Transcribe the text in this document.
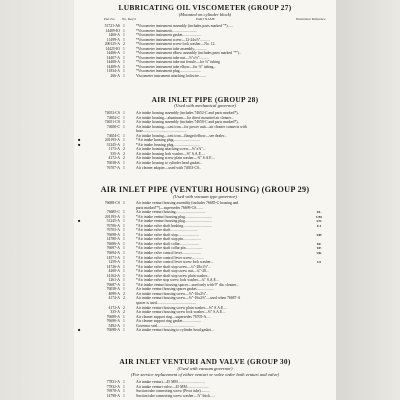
LUBRICATING OIL VISCOMETER (GROUP 27)
(Mounted on cylinder block)
Part No. No. Req'd	PART NAME	Illustration Reference
51721-AS 1	*Viscometer instrument assembly (includes parts marked "*)......
14409-IO 1	*Viscometer instrument...........................
1460-A 1	*Viscometer instrument gasket....................
11499-A 1	*Viscometer instrument screw—12-24x⅞"..........
200125-A 2	*Viscometer instrument screw lock washer—No. 12.
14425-IO 1	*Viscometer instrument tube assembly..............
14406-A 1	*Viscometer instrument elbow assembly (includes parts marked "*")..
14407-A 1	*Viscometer instrument tube nut—⅛"x⅛"..........
14408-A 1	*Viscometer instrument tube nut ferrule—for ⅛" tubing
14409-A 1	*Viscometer instrument tube elbow—for ⅛" tubing...
11834-A 1	*Viscometer instrument plug.......................
266-A 1	Viscometer instrument attaching lockwire........
AIR INLET PIPE (GROUP 28)
(Used with mechanical governor)
74652-CS 1	Air intake housing assembly (includes 74652-C and parts marked*)..
74652-C 1	Air intake housing—aluminum—for direct mounted air cleaner...
74651-CS 1	Air intake housing assembly (includes 74650-C and parts marked*)..
74650-C 1	Air intake housing—cast iron—for power unit—air cleaner connects with
hose..............................................
74654-C 1	Air intake housing—cast iron—flanged elbow—see dealer...
■	201193-A 1	*Air intake housing plug............................
■	31245-A 1	*Air intake housing plug............................
1173-A 2	Air intake housing attaching screw—⅜"x⅞"...
335-A 2	Air intake housing lock washer—⅜" S.A.E....
4172-A 2	Air intake housing screw plain washer—⅜" S.A.E....
76038-A 1	Air intake housing to cylinder head gasket...
76707-A 1	Air cleaner adapter—used with 74653-CS..
AIR INLET PIPE (VENTURI HOUSING) (GROUP 29)
(Used with vacuum type governor)
76688-CS 1	Air intake venturi housing assembly (includes 76685-C housing and
parts marked"*)—supersedes 76699-CS.......
76685-C 1	Air intake venturi housing................................	UL
201193-A 1	*Air intake venturi housing plug.............................	UM
■	31245-A 1	*Air intake venturi housing plug.............................	UN
76706-A 1	*Air intake valve shaft bushing...............................	UJ
76703-A 1	*Air intake valve shaft.............................
76698-A 1	*Air intake valve shaft stop.......................	UH
14780-A 1	*Air intake valve shaft stop pin...................
76686-A 1	*Air intake valve shaft collar.....................	UF
76697-A 1	*Air intake valve shaft collar pin..................	UE
76694-A 1	*Air intake valve control lever....................	UK
14571-A 1	*Air intake valve control lever screw.............
1259-A 1	*Air intake valve control lever screw lock washer...	UI
14726-A 1	*Air intake valve shaft stop screw—¼"-28x1⅛"...
4200-A 1	*Air intake valve shaft stop screw nut—¼"-28...
14162-A 1	*Air intake valve shaft stop screw plain washer...
1261-A 1	*Air intake valve stop screw lock washer—¼" S.A.E...
76687-A 1	*Air intake venturi housing spacer—used only with 9" dia. cleaner...
76038-A 1	Air intake venturi housing spacer gasket..................
4099-A 2	Air intake venturi housing screw—⅜"-16x2⅛"..
4174-A 2	Air intake venturi housing screw—⅜"-16x2⅞"—used when 76687-A
spacer is used..........................................
4172-A 2	Air intake venturi housing screw plain washer—⅜" S.A.E....
335-A 2	Air intake venturi housing screw lock washer—⅜" S.A.E....
76689-A 1	Air cleaner support ring—supersedes 76705-A.....
76690-A 1	Air cleaner support ring gasket....................
5492-A 1	Governor seal........................................
■	76698-A 1	Air intake venturi housing to cylinder head gasket...
AIR INLET VENTURI AND VALVE (GROUP 30)
(Used with vacuum governor)
(For service replacement of either venturi or valve order both venturi and valve)
77831-A 1	Air intake venturi—45 MM.............................
77832-A 1	Air intake venturi valve—45 MM.......................
76978-A 1	Suction tube connecting screw (Pivot tube)..........
14798-A 1	Suction tube connecting screw washer—⅞" thick.....
